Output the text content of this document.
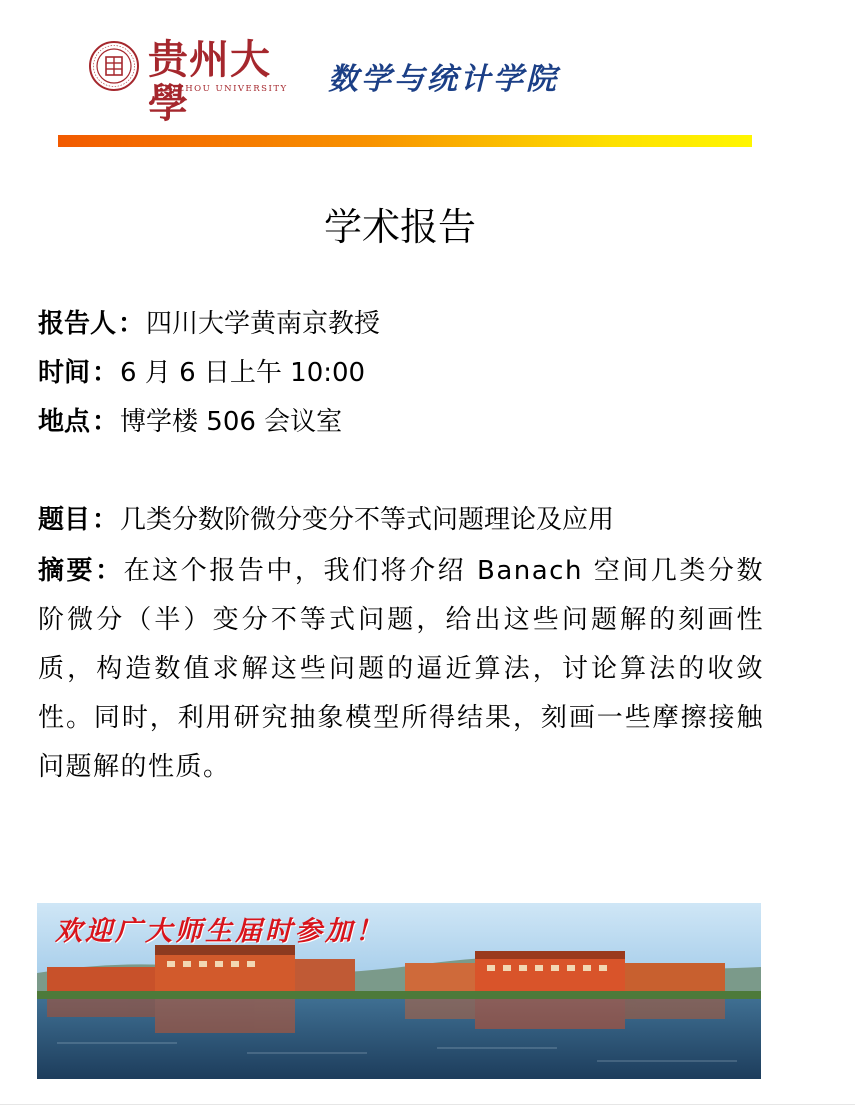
贵州大學
GUIZHOU UNIVERSITY 数学与统计学院
学术报告
报告人：四川大学黄南京教授
时间：6 月 6 日上午 10:00
地点：博学楼 506 会议室
题目：几类分数阶微分变分不等式问题理论及应用
摘要：在这个报告中，我们将介绍 Banach 空间几类分数阶微分（半）变分不等式问题，给出这些问题解的刻画性质，构造数值求解这些问题的逼近算法，讨论算法的收敛性。同时，利用研究抽象模型所得结果，刻画一些摩擦接触问题解的性质。
欢迎广大师生届时参加！
